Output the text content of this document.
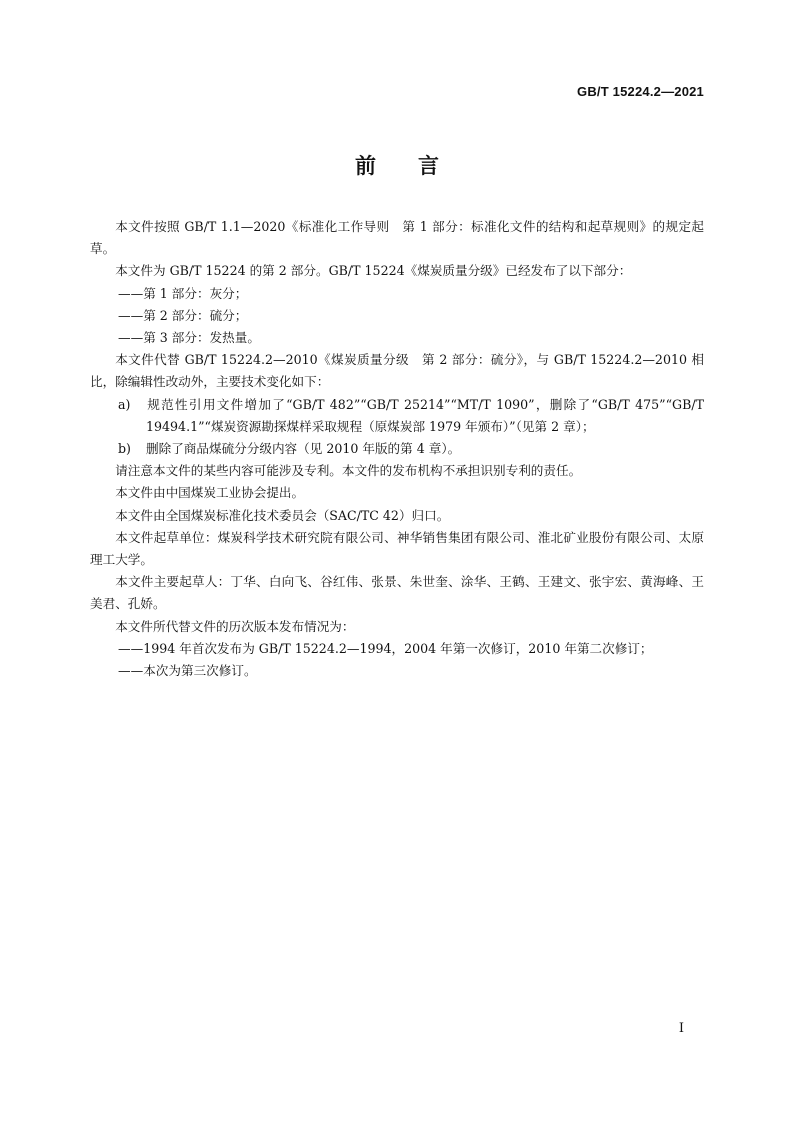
GB/T 15224.2—2021
前 言

本文件按照 GB/T 1.1—2020《标准化工作导则　第 1 部分：标准化文件的结构和起草规则》的规定起草。

本文件为 GB/T 15224 的第 2 部分。GB/T 15224《煤炭质量分级》已经发布了以下部分：

——第 1 部分：灰分；

——第 2 部分：硫分；

——第 3 部分：发热量。

本文件代替 GB/T 15224.2—2010《煤炭质量分级　第 2 部分：硫分》，与 GB/T 15224.2—2010 相比，除编辑性改动外，主要技术变化如下：

a) 规范性引用文件增加了“GB/T 482”“GB/T 25214”“MT/T 1090”，删除了“GB/T 475”“GB/T 19494.1”“煤炭资源勘探煤样采取规程（原煤炭部 1979 年颁布）”（见第 2 章）；

b) 删除了商品煤硫分分级内容（见 2010 年版的第 4 章）。

请注意本文件的某些内容可能涉及专利。本文件的发布机构不承担识别专利的责任。

本文件由中国煤炭工业协会提出。

本文件由全国煤炭标准化技术委员会（SAC/TC 42）归口。

本文件起草单位：煤炭科学技术研究院有限公司、神华销售集团有限公司、淮北矿业股份有限公司、太原理工大学。

本文件主要起草人：丁华、白向飞、谷红伟、张景、朱世奎、涂华、王鹤、王建文、张宇宏、黄海峰、王美君、孔娇。

本文件所代替文件的历次版本发布情况为：

——1994 年首次发布为 GB/T 15224.2—1994，2004 年第一次修订，2010 年第二次修订；

——本次为第三次修订。

I
